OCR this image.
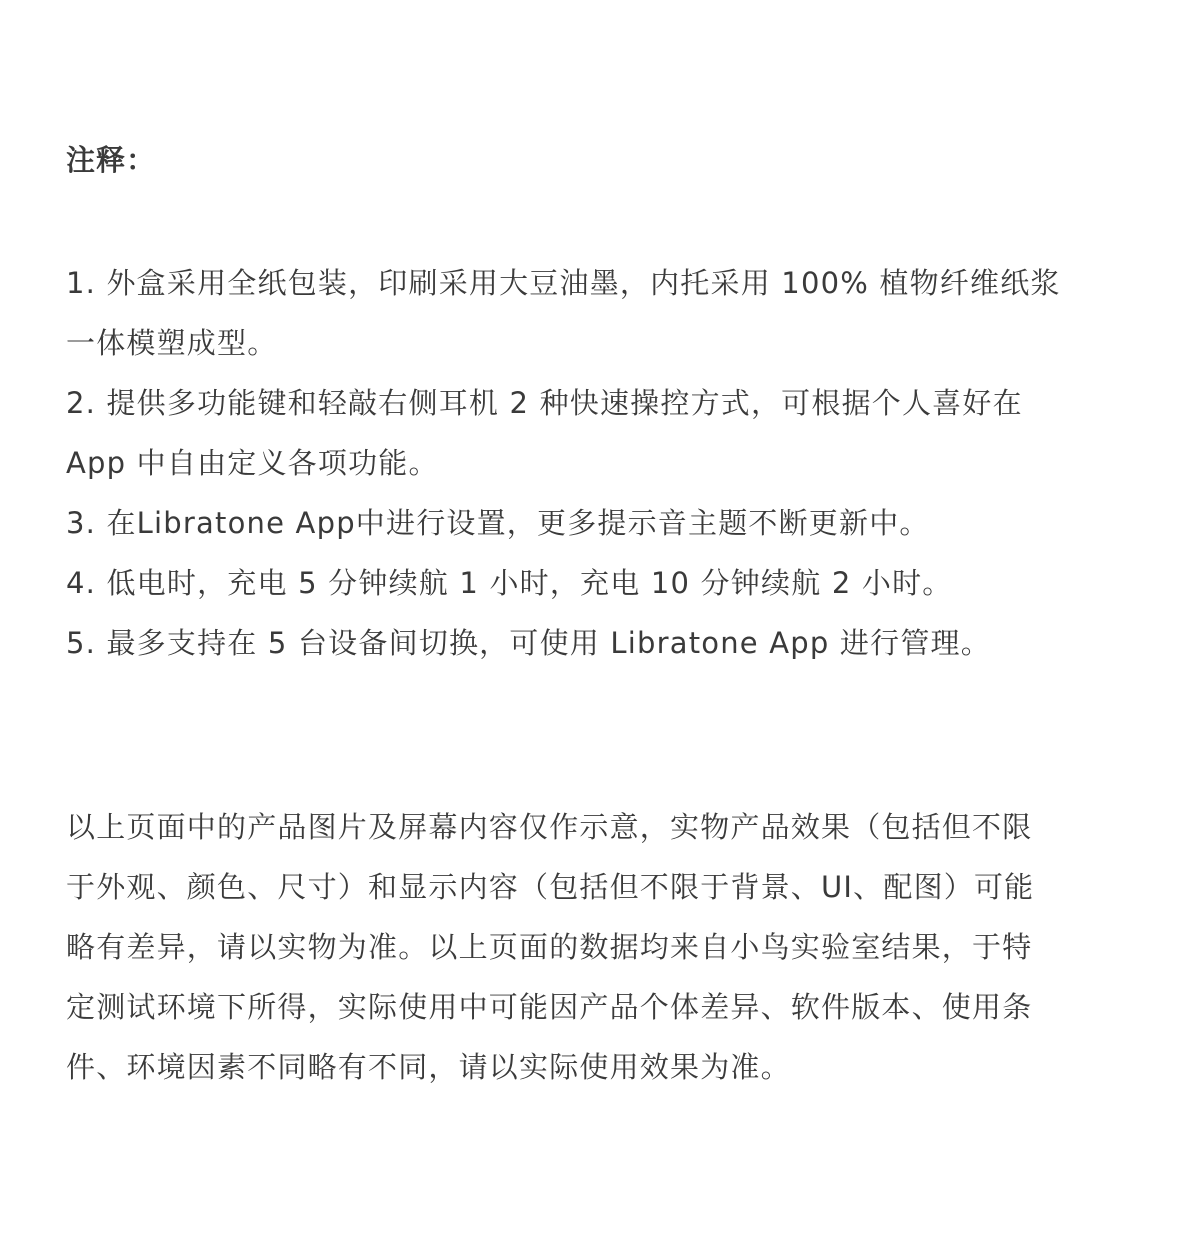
注释：
1. 外盒采用全纸包装，印刷采用大豆油墨，内托采用 100% 植物纤维纸浆
一体模塑成型。
2. 提供多功能键和轻敲右侧耳机 2 种快速操控方式，可根据个人喜好在
App 中自由定义各项功能。
3. 在Libratone App中进行设置，更多提示音主题不断更新中。
4. 低电时，充电 5 分钟续航 1 小时，充电 10 分钟续航 2 小时。
5. 最多支持在 5 台设备间切换，可使用 Libratone App 进行管理。
以上页面中的产品图片及屏幕内容仅作示意，实物产品效果（包括但不限
于外观、颜色、尺寸）和显示内容（包括但不限于背景、UI、配图）可能
略有差异，请以实物为准。以上页面的数据均来自小鸟实验室结果，于特
定测试环境下所得，实际使用中可能因产品个体差异、软件版本、使用条
件、环境因素不同略有不同，请以实际使用效果为准。
